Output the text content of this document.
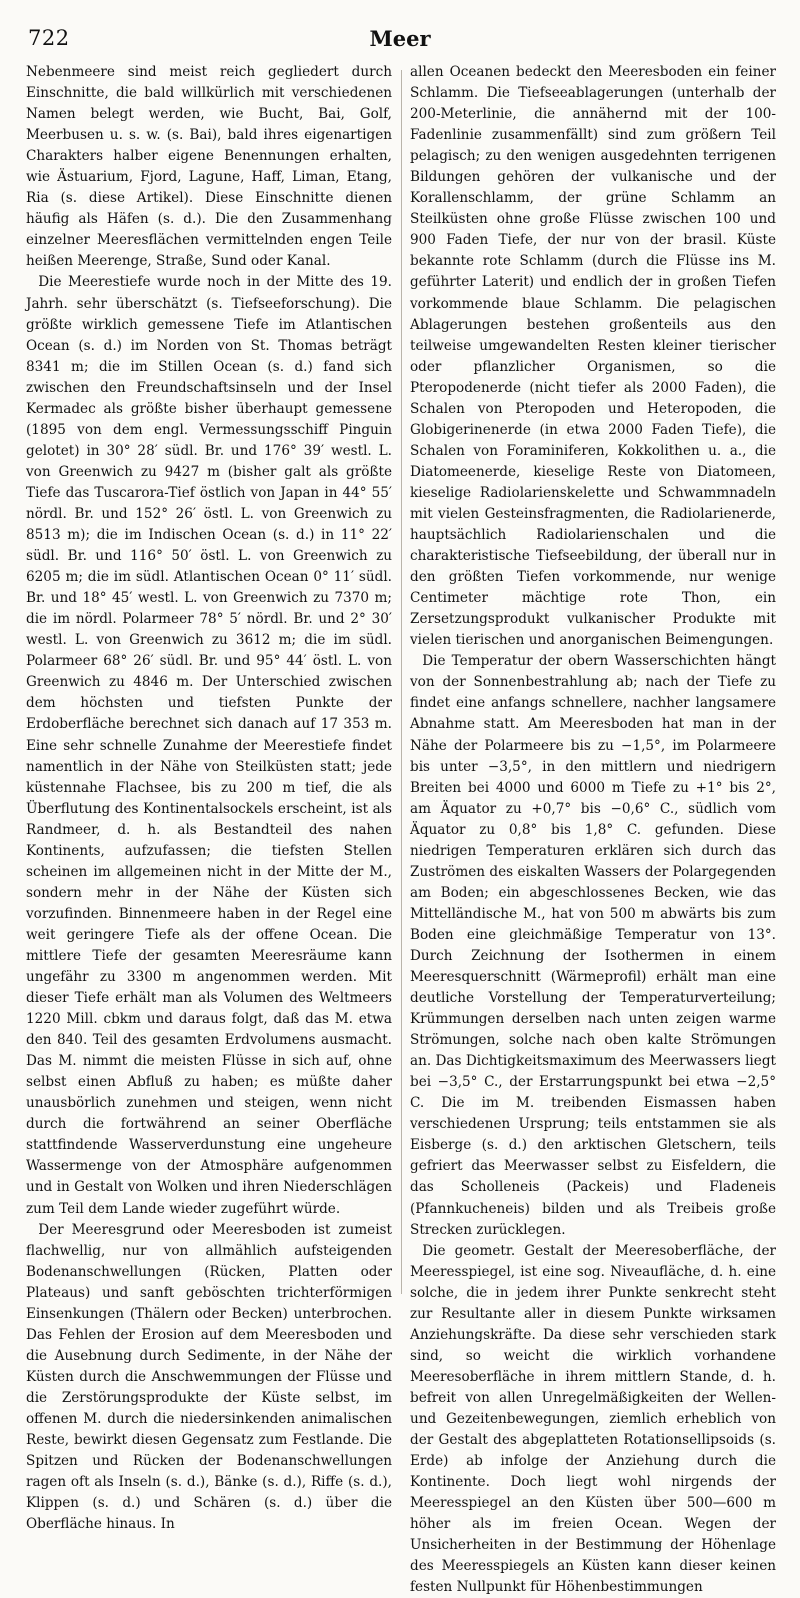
722	Meer

Nebenmeere sind meist reich gegliedert durch Einschnitte, die bald willkürlich mit verschiedenen Namen belegt werden, wie Bucht, Bai, Golf, Meerbusen u. s. w. (s. Bai), bald ihres eigenartigen Charakters halber eigene Benennungen erhalten, wie Ästuarium, Fjord, Lagune, Haff, Liman, Etang, Ria (s. diese Artikel). Diese Einschnitte dienen häufig als Häfen (s. d.). Die den Zusammenhang einzelner Meeresflächen vermittelnden engen Teile heißen Meerenge, Straße, Sund oder Kanal.

Die Meerestiefe wurde noch in der Mitte des 19. Jahrh. sehr überschätzt (s. Tiefseeforschung). Die größte wirklich gemessene Tiefe im Atlantischen Ocean (s. d.) im Norden von St. Thomas beträgt 8341 m; die im Stillen Ocean (s. d.) fand sich zwischen den Freundschaftsinseln und der Insel Kermadec als größte bisher überhaupt gemessene (1895 von dem engl. Vermessungsschiff Pinguin gelotet) in 30° 28′ südl. Br. und 176° 39′ westl. L. von Greenwich zu 9427 m (bisher galt als größte Tiefe das Tuscarora-Tief östlich von Japan in 44° 55′ nördl. Br. und 152° 26′ östl. L. von Greenwich zu 8513 m); die im Indischen Ocean (s. d.) in 11° 22′ südl. Br. und 116° 50′ östl. L. von Greenwich zu 6205 m; die im südl. Atlantischen Ocean 0° 11′ südl. Br. und 18° 45′ westl. L. von Greenwich zu 7370 m; die im nördl. Polarmeer 78° 5′ nördl. Br. und 2° 30′ westl. L. von Greenwich zu 3612 m; die im südl. Polarmeer 68° 26′ südl. Br. und 95° 44′ östl. L. von Greenwich zu 4846 m. Der Unterschied zwischen dem höchsten und tiefsten Punkte der Erdoberfläche berechnet sich danach auf 17 353 m. Eine sehr schnelle Zunahme der Meerestiefe findet namentlich in der Nähe von Steilküsten statt; jede küstennahe Flachsee, bis zu 200 m tief, die als Überflutung des Kontinentalsockels erscheint, ist als Randmeer, d. h. als Bestandteil des nahen Kontinents, aufzufassen; die tiefsten Stellen scheinen im allgemeinen nicht in der Mitte der M., sondern mehr in der Nähe der Küsten sich vorzufinden. Binnenmeere haben in der Regel eine weit geringere Tiefe als der offene Ocean. Die mittlere Tiefe der gesamten Meeresräume kann ungefähr zu 3300 m angenommen werden. Mit dieser Tiefe erhält man als Volumen des Weltmeers 1220 Mill. cbkm und daraus folgt, daß das M. etwa den 840. Teil des gesamten Erdvolumens ausmacht. Das M. nimmt die meisten Flüsse in sich auf, ohne selbst einen Abfluß zu haben; es müßte daher unausbörlich zunehmen und steigen, wenn nicht durch die fortwährend an seiner Oberfläche stattfindende Wasserverdunstung eine ungeheure Wassermenge von der Atmosphäre aufgenommen und in Gestalt von Wolken und ihren Niederschlägen zum Teil dem Lande wieder zugeführt würde.

Der Meeresgrund oder Meeresboden ist zumeist flachwellig, nur von allmählich aufsteigenden Bodenanschwellungen (Rücken, Platten oder Plateaus) und sanft geböschten trichterförmigen Einsenkungen (Thälern oder Becken) unterbrochen. Das Fehlen der Erosion auf dem Meeresboden und die Ausebnung durch Sedimente, in der Nähe der Küsten durch die Anschwemmungen der Flüsse und die Zerstörungsprodukte der Küste selbst, im offenen M. durch die niedersinkenden animalischen Reste, bewirkt diesen Gegensatz zum Festlande. Die Spitzen und Rücken der Bodenanschwellungen ragen oft als Inseln (s. d.), Bänke (s. d.), Riffe (s. d.), Klippen (s. d.) und Schären (s. d.) über die Oberfläche hinaus. In

allen Oceanen bedeckt den Meeresboden ein feiner Schlamm. Die Tiefseeablagerungen (unterhalb der 200-Meterlinie, die annähernd mit der 100-Fadenlinie zusammenfällt) sind zum größern Teil pelagisch; zu den wenigen ausgedehnten terrigenen Bildungen gehören der vulkanische und der Korallenschlamm, der grüne Schlamm an Steilküsten ohne große Flüsse zwischen 100 und 900 Faden Tiefe, der nur von der brasil. Küste bekannte rote Schlamm (durch die Flüsse ins M. geführter Laterit) und endlich der in großen Tiefen vorkommende blaue Schlamm. Die pelagischen Ablagerungen bestehen großenteils aus den teilweise umgewandelten Resten kleiner tierischer oder pflanzlicher Organismen, so die Pteropodenerde (nicht tiefer als 2000 Faden), die Schalen von Pteropoden und Heteropoden, die Globigerinenerde (in etwa 2000 Faden Tiefe), die Schalen von Foraminiferen, Kokkolithen u. a., die Diatomeenerde, kieselige Reste von Diatomeen, kieselige Radiolarienskelette und Schwammnadeln mit vielen Gesteinsfragmenten, die Radiolarienerde, hauptsächlich Radiolarienschalen und die charakteristische Tiefseebildung, der überall nur in den größten Tiefen vorkommende, nur wenige Centimeter mächtige rote Thon, ein Zersetzungsprodukt vulkanischer Produkte mit vielen tierischen und anorganischen Beimengungen.

Die Temperatur der obern Wasserschichten hängt von der Sonnenbestrahlung ab; nach der Tiefe zu findet eine anfangs schnellere, nachher langsamere Abnahme statt. Am Meeresboden hat man in der Nähe der Polarmeere bis zu −1,5°, im Polarmeere bis unter −3,5°, in den mittlern und niedrigern Breiten bei 4000 und 6000 m Tiefe zu +1° bis 2°, am Äquator zu +0,7° bis −0,6° C., südlich vom Äquator zu 0,8° bis 1,8° C. gefunden. Diese niedrigen Temperaturen erklären sich durch das Zuströmen des eiskalten Wassers der Polargegenden am Boden; ein abgeschlossenes Becken, wie das Mittelländische M., hat von 500 m abwärts bis zum Boden eine gleichmäßige Temperatur von 13°. Durch Zeichnung der Isothermen in einem Meeresquerschnitt (Wärmeprofil) erhält man eine deutliche Vorstellung der Temperaturverteilung; Krümmungen derselben nach unten zeigen warme Strömungen, solche nach oben kalte Strömungen an. Das Dichtigkeitsmaximum des Meerwassers liegt bei −3,5° C., der Erstarrungspunkt bei etwa −2,5° C. Die im M. treibenden Eismassen haben verschiedenen Ursprung; teils entstammen sie als Eisberge (s. d.) den arktischen Gletschern, teils gefriert das Meerwasser selbst zu Eisfeldern, die das Scholleneis (Packeis) und Fladeneis (Pfannkucheneis) bilden und als Treibeis große Strecken zurücklegen.

Die geometr. Gestalt der Meeresoberfläche, der Meeresspiegel, ist eine sog. Niveaufläche, d. h. eine solche, die in jedem ihrer Punkte senkrecht steht zur Resultante aller in diesem Punkte wirksamen Anziehungskräfte. Da diese sehr verschieden stark sind, so weicht die wirklich vorhandene Meeresoberfläche in ihrem mittlern Stande, d. h. befreit von allen Unregelmäßigkeiten der Wellen- und Gezeitenbewegungen, ziemlich erheblich von der Gestalt des abgeplatteten Rotationsellipsoids (s. Erde) ab infolge der Anziehung durch die Kontinente. Doch liegt wohl nirgends der Meeresspiegel an den Küsten über 500—600 m höher als im freien Ocean. Wegen der Unsicherheiten in der Bestimmung der Höhenlage des Meeresspiegels an Küsten kann dieser keinen festen Nullpunkt für Höhenbestimmungen
